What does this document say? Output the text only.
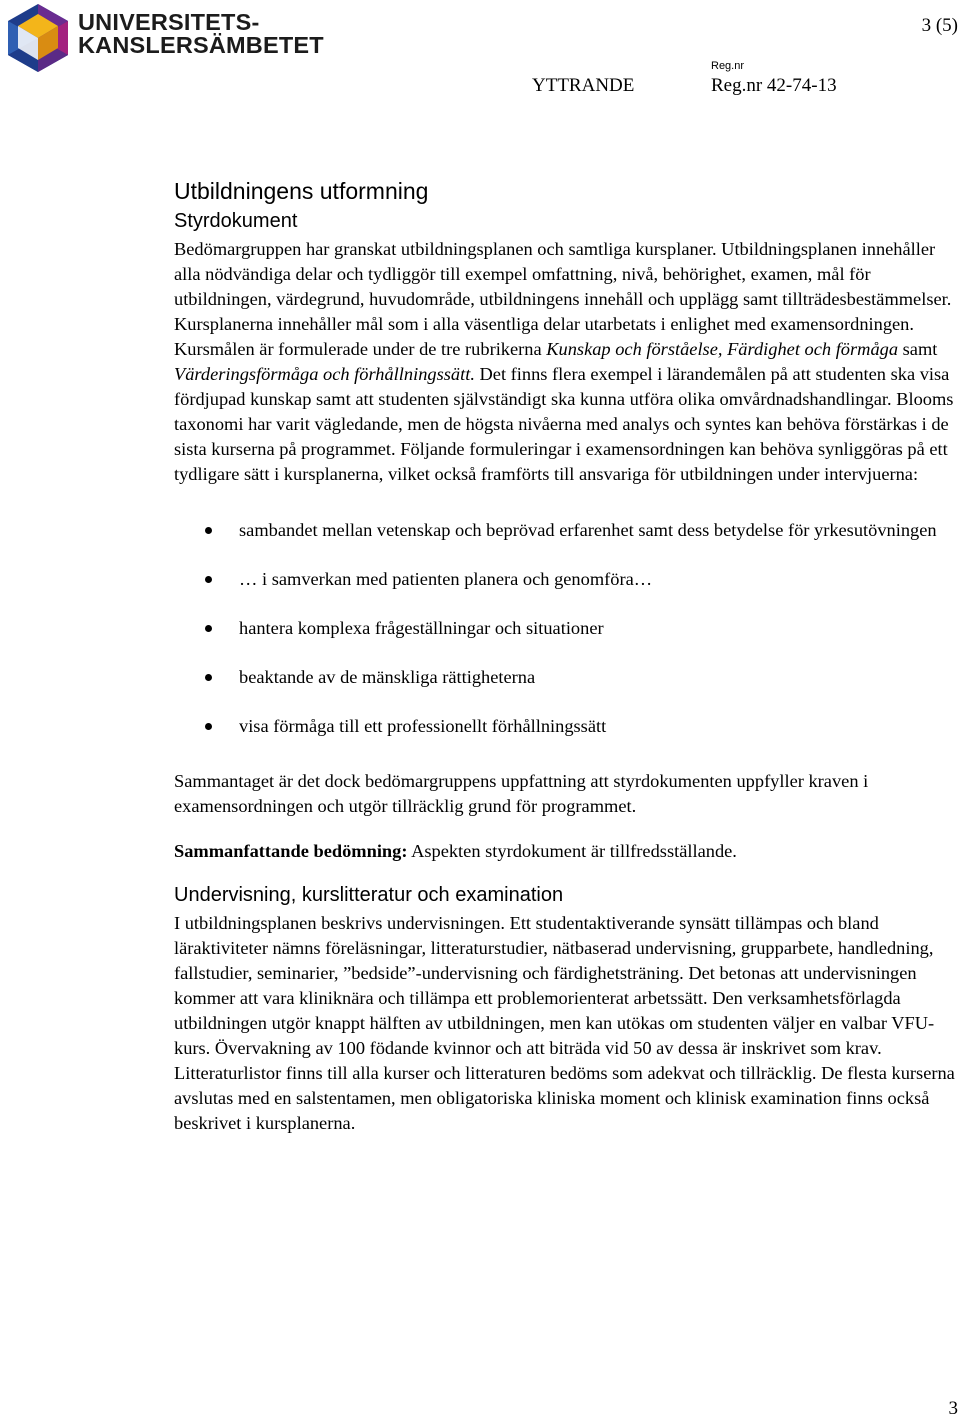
UNIVERSITETS-
KANSLERSÄMBETET
3 (5)
YTTRANDE
Reg.nr
Reg.nr 42-74-13
Utbildningens utformning
Styrdokument

Bedömargruppen har granskat utbildningsplanen och samtliga kursplaner. Utbildningsplanen innehåller alla nödvändiga delar och tydliggör till exempel omfattning, nivå, behörighet, examen, mål för utbildningen, värdegrund, huvudområde, utbildningens innehåll och upplägg samt tillträdesbestämmelser. Kursplanerna innehåller mål som i alla väsentliga delar utarbetats i enlighet med examensordningen. Kursmålen är formulerade under de tre rubrikerna Kunskap och förståelse, Färdighet och förmåga samt Värderingsförmåga och förhållningssätt. Det finns flera exempel i lärandemålen på att studenten ska visa fördjupad kunskap samt att studenten självständigt ska kunna utföra olika omvårdnadshandlingar. Blooms taxonomi har varit vägledande, men de högsta nivåerna med analys och syntes kan behöva förstärkas i de sista kurserna på programmet. Följande formuleringar i examensordningen kan behöva synliggöras på ett tydligare sätt i kursplanerna, vilket också framförts till ansvariga för utbildningen under intervjuerna:

sambandet mellan vetenskap och beprövad erfarenhet samt dess betydelse för yrkesutövningen
… i samverkan med patienten planera och genomföra…
hantera komplexa frågeställningar och situationer
beaktande av de mänskliga rättigheterna
visa förmåga till ett professionellt förhållningssätt

Sammantaget är det dock bedömargruppens uppfattning att styrdokumenten uppfyller kraven i examensordningen och utgör tillräcklig grund för programmet.

Sammanfattande bedömning: Aspekten styrdokument är tillfredsställande.

Undervisning, kurslitteratur och examination

I utbildningsplanen beskrivs undervisningen. Ett studentaktiverande synsätt tillämpas och bland läraktiviteter nämns föreläsningar, litteraturstudier, nätbaserad undervisning, grupparbete, handledning, fallstudier, seminarier, ”bedside”-undervisning och färdighetsträning. Det betonas att undervisningen kommer att vara kliniknära och tillämpa ett problemorienterat arbetssätt. Den verksamhetsförlagda utbildningen utgör knappt hälften av utbildningen, men kan utökas om studenten väljer en valbar VFU-kurs. Övervakning av 100 födande kvinnor och att biträda vid 50 av dessa är inskrivet som krav. Litteraturlistor finns till alla kurser och litteraturen bedöms som adekvat och tillräcklig. De flesta kurserna avslutas med en salstentamen, men obligatoriska kliniska moment och klinisk examination finns också beskrivet i kursplanerna.

3
